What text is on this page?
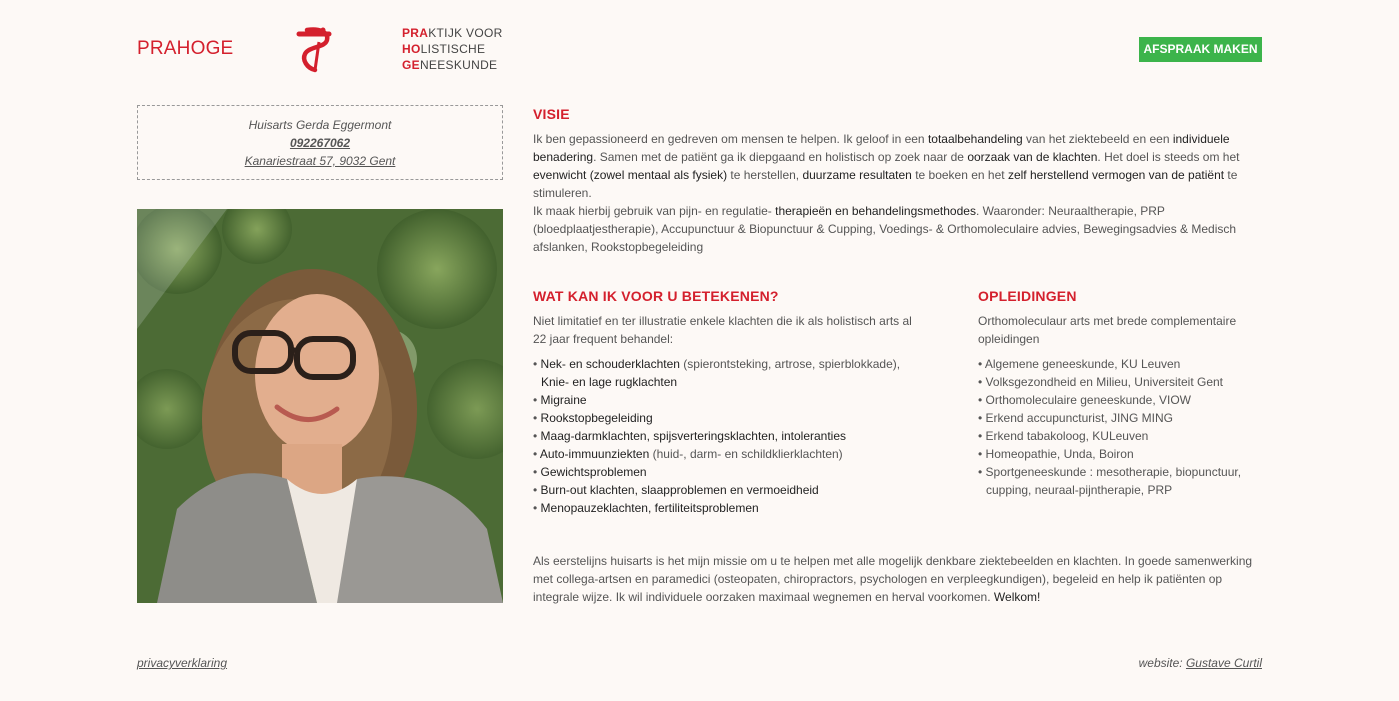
PRAHOGE
PRAKTIJK VOOR
HOLISTISCHE
GENEESKUNDE
AFSPRAAK MAKEN
Huisarts Gerda Eggermont
092267062
Kanariestraat 57, 9032 Gent
VISIE

Ik ben gepassioneerd en gedreven om mensen te helpen. Ik geloof in een totaalbehandeling van het ziektebeeld en een individuele benadering. Samen met de patiënt ga ik diepgaand en holistisch op zoek naar de oorzaak van de klachten. Het doel is steeds om het evenwicht (zowel mentaal als fysiek) te herstellen, duurzame resultaten te boeken en het zelf herstellend vermogen van de patiënt te stimuleren.
Ik maak hierbij gebruik van pijn- en regulatie- therapieën en behandelingsmethodes. Waaronder: Neuraaltherapie, PRP (bloedplaatjestherapie), Accupunctuur & Biopunctuur & Cupping, Voedings- & Orthomoleculaire advies, Bewegingsadvies & Medisch afslanken, Rookstopbegeleiding

WAT KAN IK VOOR U BETEKENEN?
Niet limitatief en ter illustratie enkele klachten die ik als holistisch arts al 22 jaar frequent behandel:
• Nek- en schouderklachten (spierontsteking, artrose, spierblokkade), Knie- en lage rugklachten
• Migraine
• Rookstopbegeleiding
• Maag-darmklachten, spijsverteringsklachten, intoleranties
• Auto-immuunziekten (huid-, darm- en schildklierklachten)
• Gewichtsproblemen
• Burn-out klachten, slaapproblemen en vermoeidheid
• Menopauzeklachten, fertiliteitsproblemen
OPLEIDINGEN
Orthomoleculaur arts met brede complementaire opleidingen
• Algemene geneeskunde, KU Leuven
• Volksgezondheid en Milieu, Universiteit Gent
• Orthomoleculaire geneeskunde, VIOW
• Erkend accupuncturist, JING MING
• Erkend tabakoloog, KULeuven
• Homeopathie, Unda, Boiron
• Sportgeneeskunde : mesotherapie, biopunctuur, cupping, neuraal-pijntherapie, PRP
Als eerstelijns huisarts is het mijn missie om u te helpen met alle mogelijk denkbare ziektebeelden en klachten. In goede samenwerking met collega-artsen en paramedici (osteopaten, chiropractors, psychologen en verpleegkundigen), begeleid en help ik patiënten op integrale wijze. Ik wil individuele oorzaken maximaal wegnemen en herval voorkomen. Welkom!
privacyverklaring	website: Gustave Curtil
